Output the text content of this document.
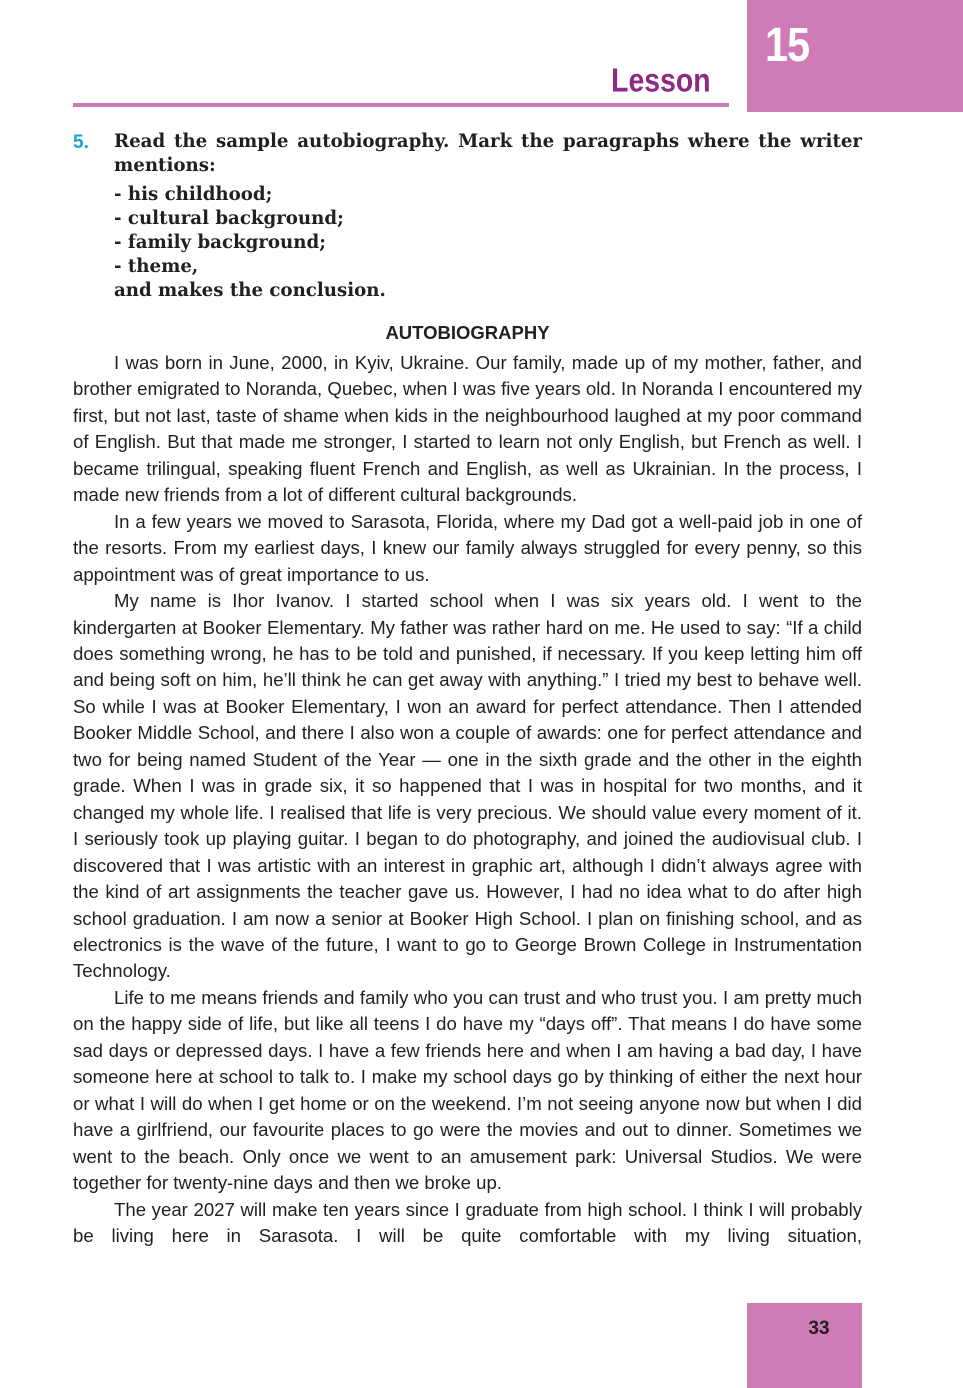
15
Lesson
5. Read the sample autobiography. Mark the paragraphs where the writer

mentions:

- his childhood;
- cultural background;
- family background;
- theme,

and makes the conclusion.

AUTOBIOGRAPHY

I was born in June, 2000, in Kyiv, Ukraine. Our family, made up of my mother, father, and brother emigrated to Noranda, Quebec, when I was five years old. In Noranda I encountered my first, but not last, taste of shame when kids in the neighbourhood laughed at my poor command of English. But that made me stronger, I started to learn not only English, but French as well. I became trilingual, speaking fluent French and English, as well as Ukrainian. In the process, I made new friends from a lot of different cultural backgrounds.

In a few years we moved to Sarasota, Florida, where my Dad got a well-paid job in one of the resorts. From my earliest days, I knew our family always struggled for every penny, so this appointment was of great importance to us.

My name is Ihor Ivanov. I started school when I was six years old. I went to the kindergarten at Booker Elementary. My father was rather hard on me. He used to say: “If a child does something wrong, he has to be told and punished, if necessary. If you keep letting him off and being soft on him, he’ll think he can get away with anything.” I tried my best to behave well. So while I was at Booker Elementary, I won an award for perfect attendance. Then I attended Booker Middle School, and there I also won a couple of awards: one for perfect attendance and two for being named Student of the Year — one in the sixth grade and the other in the eighth grade. When I was in grade six, it so happened that I was in hospital for two months, and it changed my whole life. I realised that life is very precious. We should value every moment of it. I seriously took up playing guitar. I began to do photography, and joined the audiovisual club. I discovered that I was artistic with an interest in graphic art, although I didn’t always agree with the kind of art assignments the teacher gave us. However, I had no idea what to do after high school graduation. I am now a senior at Booker High School. I plan on finishing school, and as electronics is the wave of the future, I want to go to George Brown College in Instrumentation Technology.

Life to me means friends and family who you can trust and who trust you. I am pretty much on the happy side of life, but like all teens I do have my “days off”. That means I do have some sad days or depressed days. I have a few friends here and when I am having a bad day, I have someone here at school to talk to. I make my school days go by thinking of either the next hour or what I will do when I get home or on the weekend. I’m not seeing anyone now but when I did have a girlfriend, our favourite places to go were the movies and out to dinner. Sometimes we went to the beach. Only once we went to an amusement park: Universal Studios. We were together for twenty-nine days and then we broke up.

The year 2027 will make ten years since I graduate from high school. I think I will probably be living here in Sarasota. I will be quite comfortable with my living situation,

33
